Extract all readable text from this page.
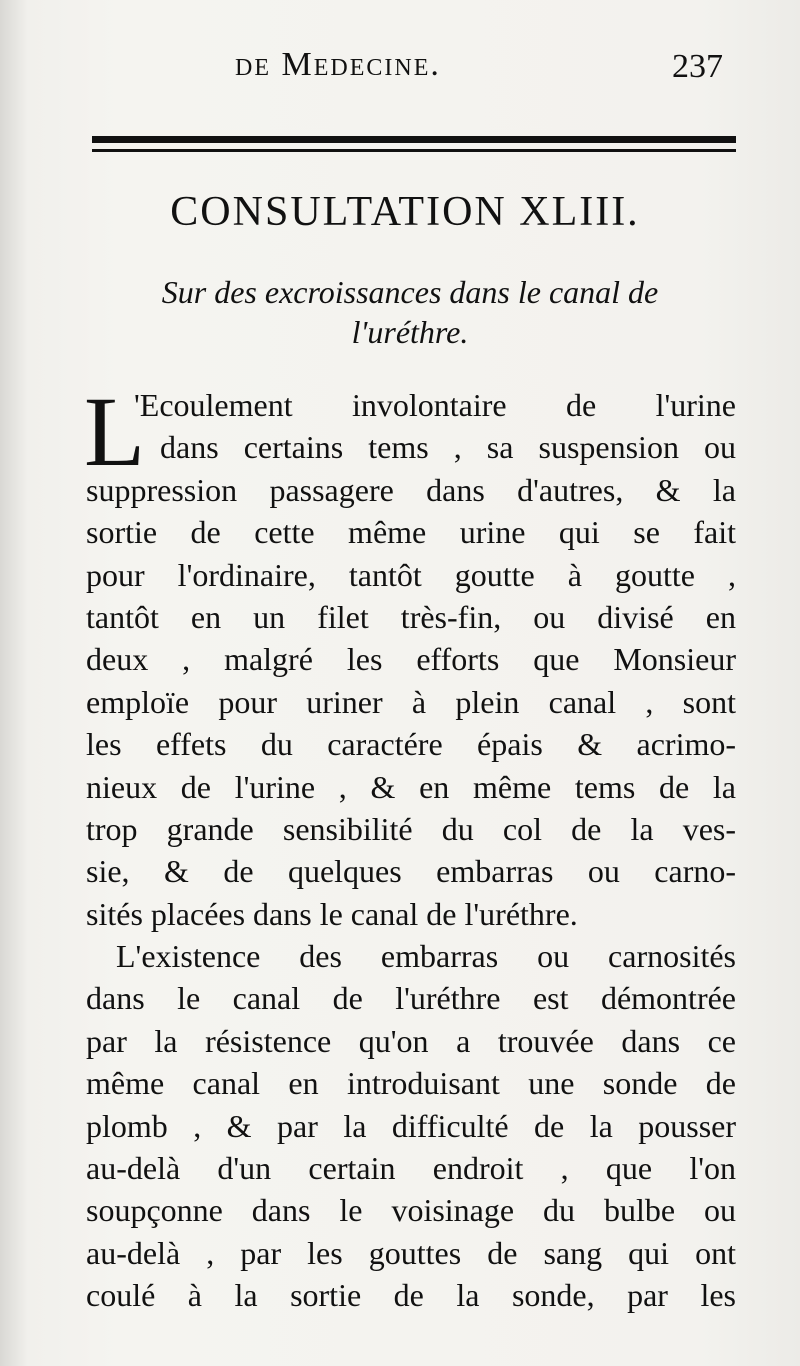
de Medecine.	237
CONSULTATION XLIII.
Sur des excroissances dans le canal de
l'uréthre.
L
'Ecoulement involontaire de l'urine
dans certains tems , sa suspension ou
suppression passagere dans d'autres, & la
sortie de cette même urine qui se fait
pour l'ordinaire, tantôt goutte à goutte ,
tantôt en un filet très-fin, ou divisé en
deux , malgré les efforts que Monsieur
emploïe pour uriner à plein canal , sont
les effets du caractére épais & acrimo-
nieux de l'urine , & en même tems de la
trop grande sensibilité du col de la ves-
sie, & de quelques embarras ou carno-
sités placées dans le canal de l'uréthre.
L'existence des embarras ou carnosités
dans le canal de l'uréthre est démontrée
par la résistence qu'on a trouvée dans ce
même canal en introduisant une sonde de
plomb , & par la difficulté de la pousser
au-delà d'un certain endroit , que l'on
soupçonne dans le voisinage du bulbe ou
au-delà , par les gouttes de sang qui ont
coulé à la sortie de la sonde, par les
